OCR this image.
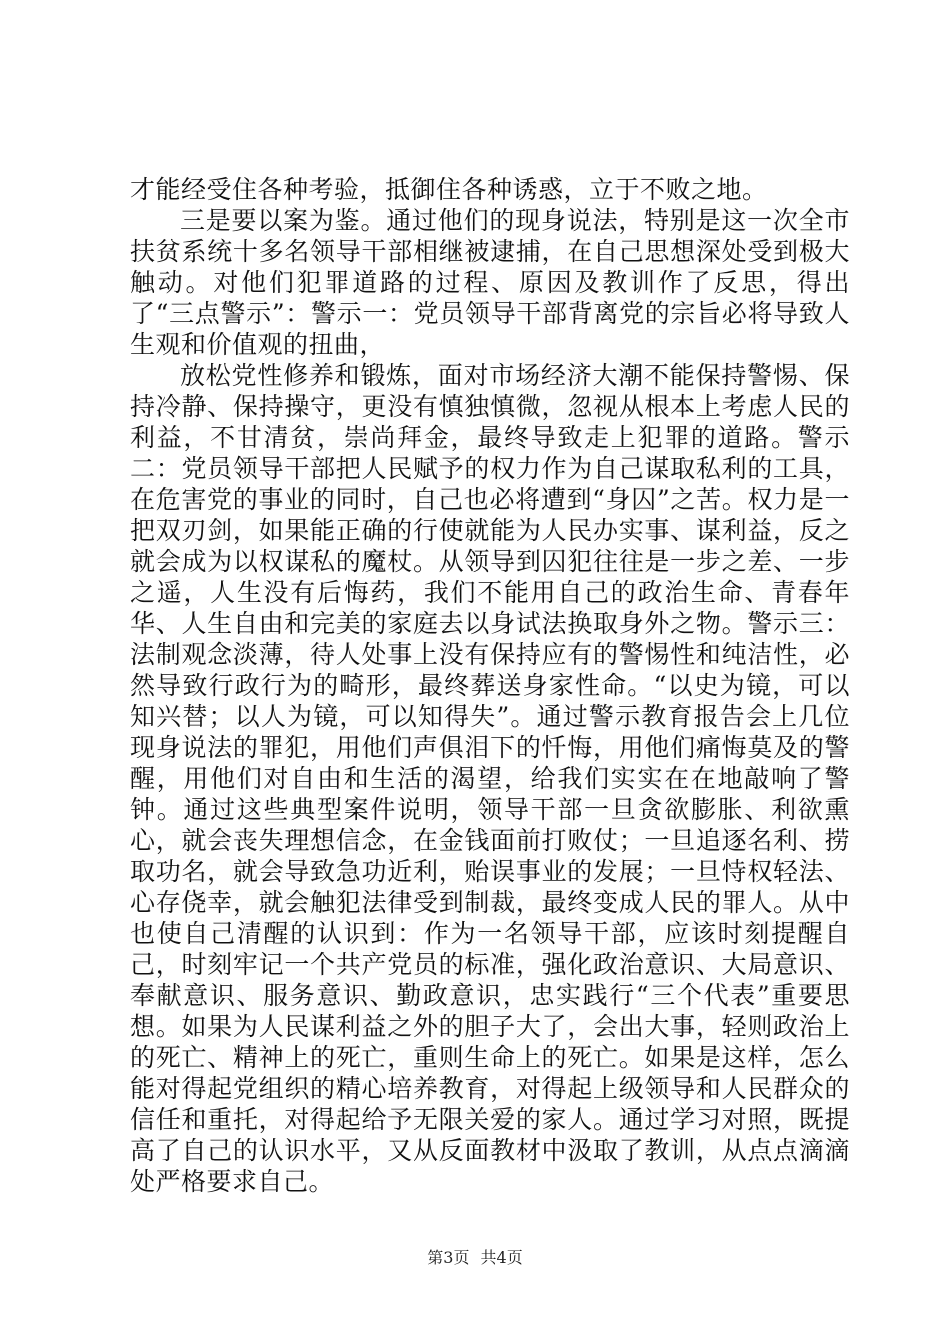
才能经受住各种考验，抵御住各种诱惑，立于不败之地。

三是要以案为鉴。通过他们的现身说法，特别是这一次全市扶贫系统十多名领导干部相继被逮捕，在自己思想深处受到极大触动。对他们犯罪道路的过程、原因及教训作了反思，得出了“三点警示”：警示一：党员领导干部背离党的宗旨必将导致人生观和价值观的扭曲，

放松党性修养和锻炼，面对市场经济大潮不能保持警惕、保持冷静、保持操守，更没有慎独慎微，忽视从根本上考虑人民的利益，不甘清贫，崇尚拜金，最终导致走上犯罪的道路。警示二：党员领导干部把人民赋予的权力作为自己谋取私利的工具，在危害党的事业的同时，自己也必将遭到“身囚”之苦。权力是一把双刃剑，如果能正确的行使就能为人民办实事、谋利益，反之就会成为以权谋私的魔杖。从领导到囚犯往往是一步之差、一步之遥，人生没有后悔药，我们不能用自己的政治生命、青春年华、人生自由和完美的家庭去以身试法换取身外之物。警示三：法制观念淡薄，待人处事上没有保持应有的警惕性和纯洁性，必然导致行政行为的畸形，最终葬送身家性命。“以史为镜，可以知兴替；以人为镜，可以知得失”。通过警示教育报告会上几位现身说法的罪犯，用他们声俱泪下的忏悔，用他们痛悔莫及的警醒，用他们对自由和生活的渴望，给我们实实在在地敲响了警钟。通过这些典型案件说明，领导干部一旦贪欲膨胀、利欲熏心，就会丧失理想信念，在金钱面前打败仗；一旦追逐名利、捞取功名，就会导致急功近利，贻误事业的发展；一旦恃权轻法、心存侥幸，就会触犯法律受到制裁，最终变成人民的罪人。从中也使自己清醒的认识到：作为一名领导干部，应该时刻提醒自己，时刻牢记一个共产党员的标准，强化政治意识、大局意识、奉献意识、服务意识、勤政意识，忠实践行“三个代表”重要思想。如果为人民谋利益之外的胆子大了，会出大事，轻则政治上的死亡、精神上的死亡，重则生命上的死亡。如果是这样，怎么能对得起党组织的精心培养教育，对得起上级领导和人民群众的信任和重托，对得起给予无限关爱的家人。通过学习对照，既提高了自己的认识水平，又从反面教材中汲取了教训，从点点滴滴处严格要求自己。

第3页 共4页
